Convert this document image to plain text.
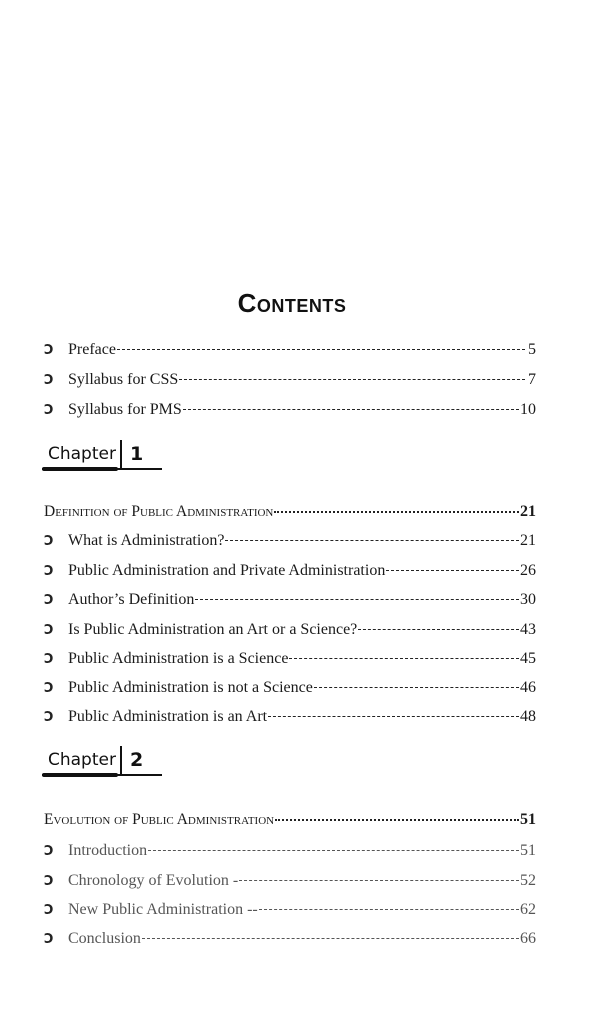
Contents
Ↄ Preface	5
Ↄ Syllabus for CSS	7
Ↄ Syllabus for PMS	10
Chapter 1
Definition of Public Administration	21
Ↄ What is Administration?	21
Ↄ Public Administration and Private Administration	26
Ↄ Author’s Definition	30
Ↄ Is Public Administration an Art or a Science?	43
Ↄ Public Administration is a Science	45
Ↄ Public Administration is not a Science	46
Ↄ Public Administration is an Art	48
Chapter 2
Evolution of Public Administration	51
Ↄ Introduction	51
Ↄ Chronology of Evolution -	52
Ↄ New Public Administration --	62
Ↄ Conclusion	66
